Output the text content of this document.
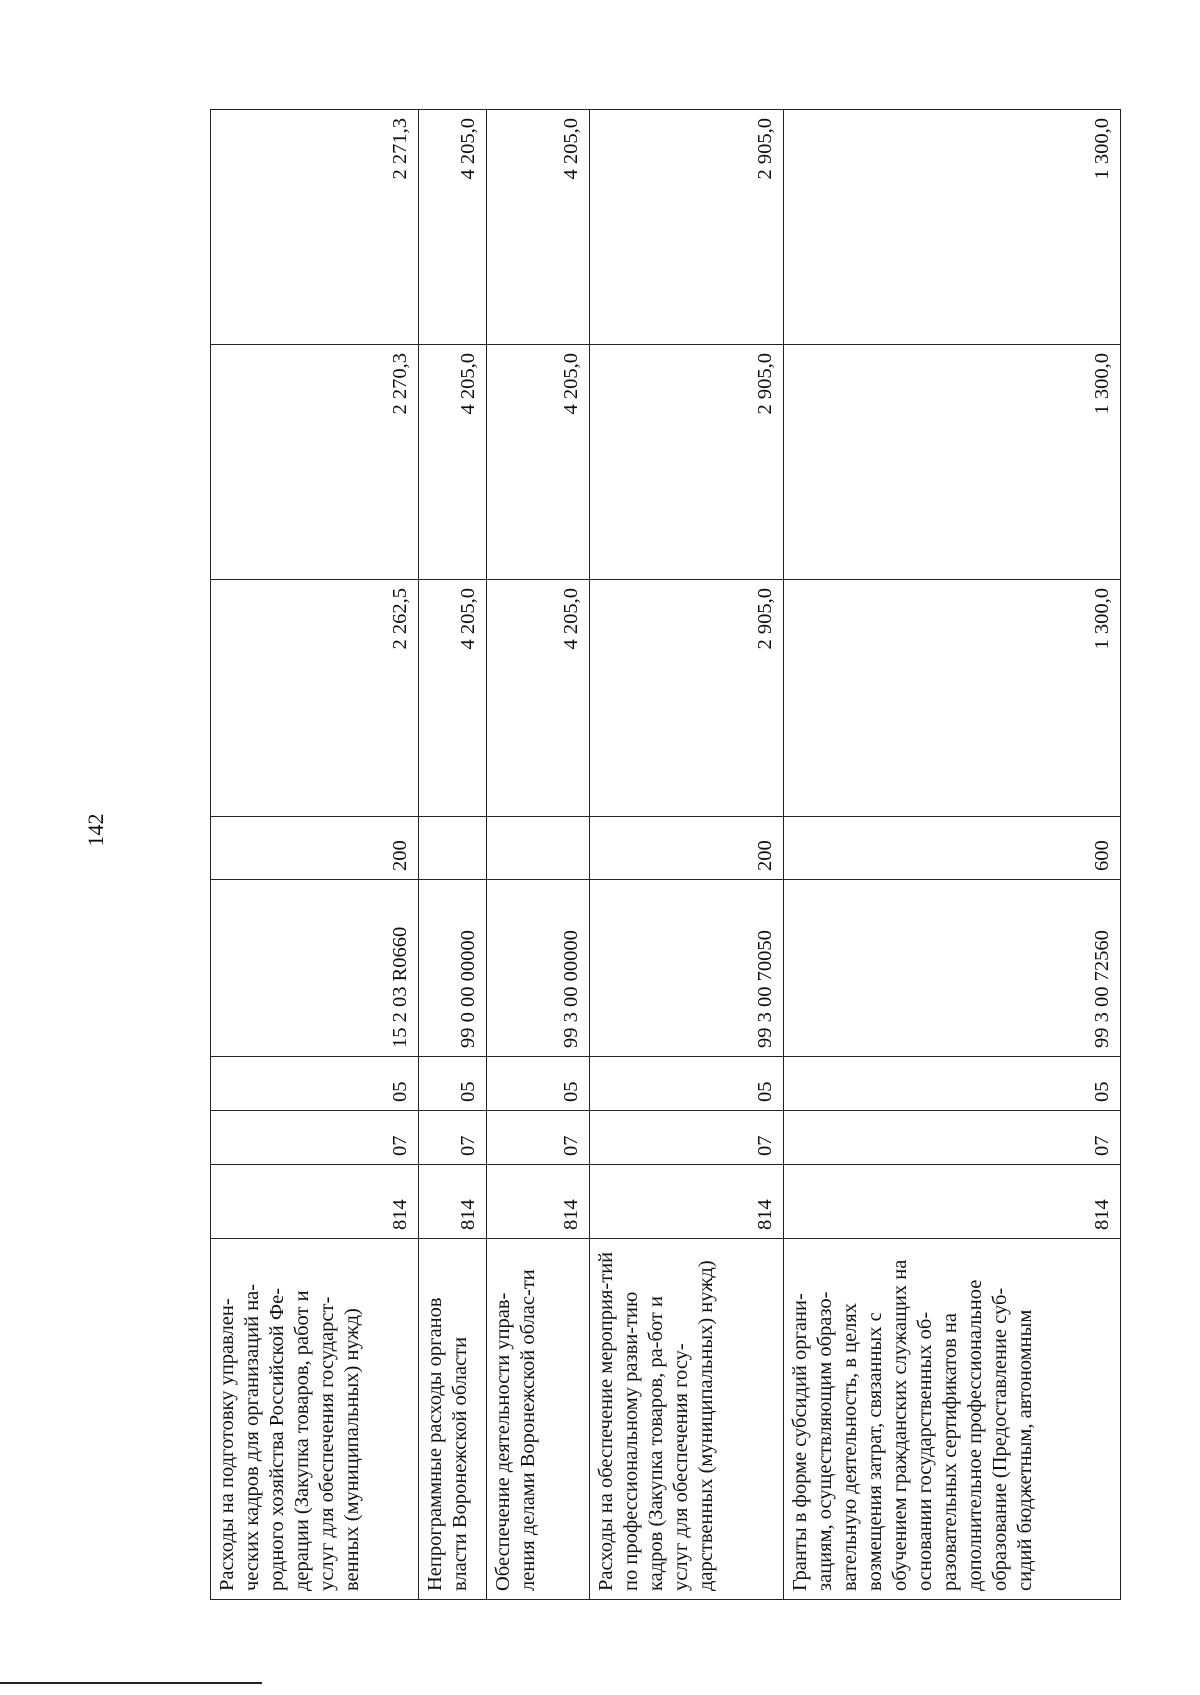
142
Расходы на подготовку управлен-ческих кадров для организаций на-родного хозяйства Российской Фе-дерации (Закупка товаров, работ и услуг для обеспечения государст-венных (муниципальных) нужд)	814	07	05	15 2 03 R0660	200	2 262,5	2 270,3	2 271,3
Непрограммные расходы органов власти Воронежской области	814	07	05	99 0 00 00000		4 205,0	4 205,0	4 205,0
Обеспечение деятельности управ-ления делами Воронежской облас-ти	814	07	05	99 3 00 00000		4 205,0	4 205,0	4 205,0
Расходы на обеспечение мероприя-тий по профессиональному разви-тию кадров (Закупка товаров, ра-бот и услуг для обеспечения госу-дарственных (муниципальных) нужд)	814	07	05	99 3 00 70050	200	2 905,0	2 905,0	2 905,0
Гранты в форме субсидий органи-зациям, осуществляющим образо-вательную деятельность, в целях возмещения затрат, связанных с обучением гражданских служащих на основании государственных об-разовательных сертификатов на дополнительное профессиональное образование (Предоставление суб-сидий бюджетным, автономным	814	07	05	99 3 00 72560	600	1 300,0	1 300,0	1 300,0
